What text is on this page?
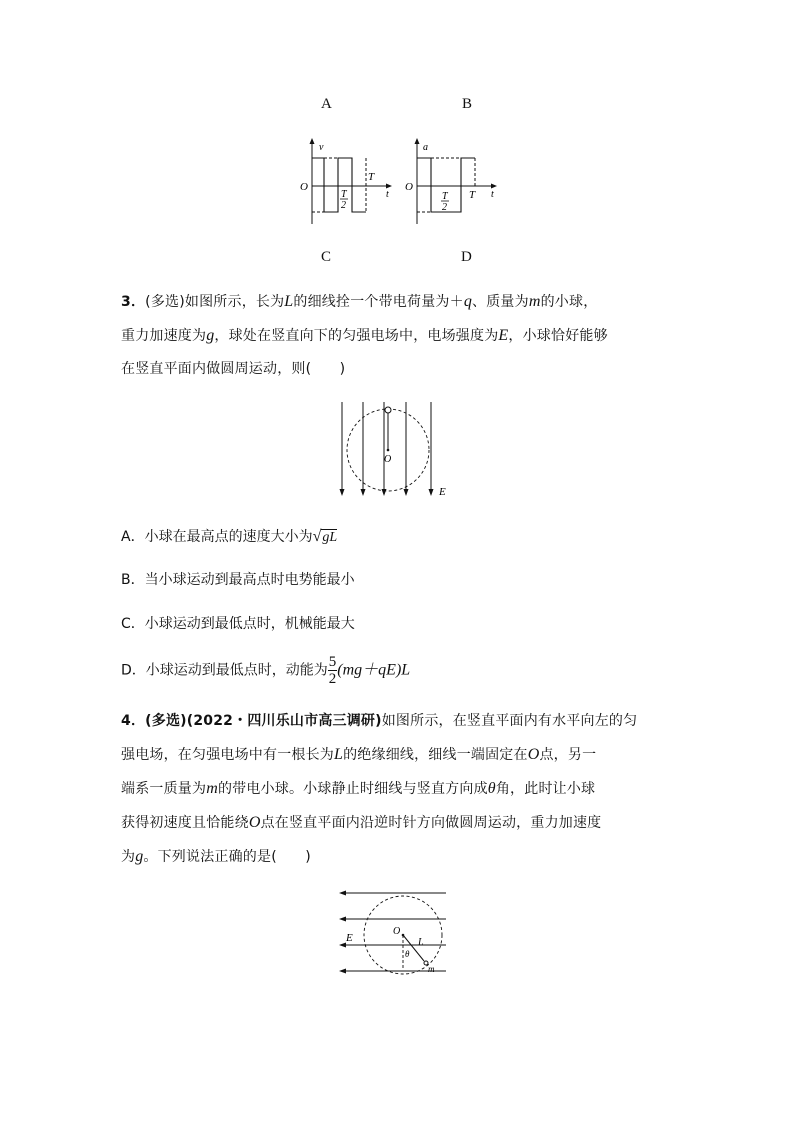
A	B
v
O
t
T
T
2
a
O
t
T
T
2
C	D
3．(多选)如图所示，长为L的细线拴一个带电荷量为＋q、质量为m的小球，
重力加速度为g，球处在竖直向下的匀强电场中，电场强度为E，小球恰好能够
在竖直平面内做圆周运动，则(　　)
O
E
A．小球在最高点的速度大小为√gL
B．当小球运动到最高点时电势能最小
C．小球运动到最低点时，机械能最大
D．小球运动到最低点时，动能为 $\frac{5}{2} (mg+qE)L$
4．(多选)(2022・四川乐山市高三调研)如图所示，在竖直平面内有水平向左的匀
强电场，在匀强电场中有一根长为L的绝缘细线，细线一端固定在O点，另一
端系一质量为m的带电小球。小球静止时细线与竖直方向成θ角，此时让小球
获得初速度且恰能绕O点在竖直平面内沿逆时针方向做圆周运动，重力加速度
为g。下列说法正确的是(　　)
E
O
L
θ
m
